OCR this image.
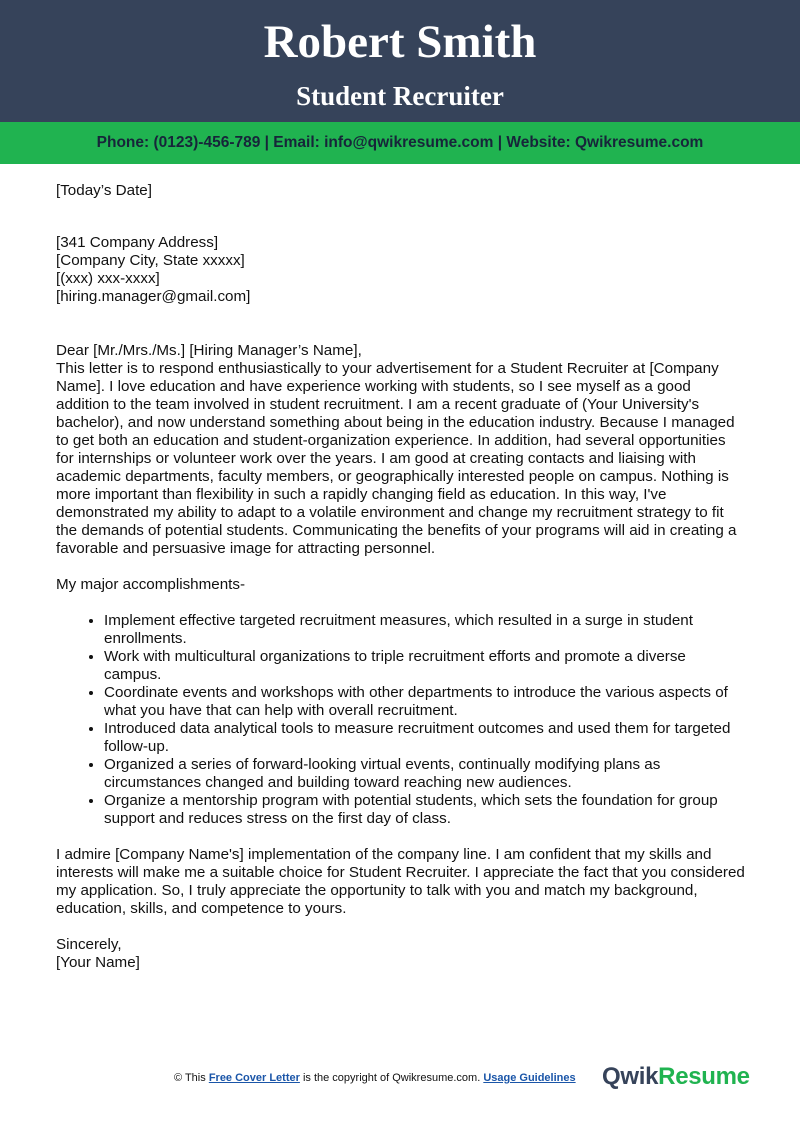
Robert Smith
Student Recruiter
Phone: (0123)-456-789 | Email: info@qwikresume.com | Website: Qwikresume.com

[Today’s Date]

[341 Company Address]

[Company City, State xxxxx]

[(xxx) xxx-xxxx]

[hiring.manager@gmail.com]

Dear [Mr./Mrs./Ms.] [Hiring Manager’s Name],

This letter is to respond enthusiastically to your advertisement for a Student Recruiter at [Company Name]. I love education and have experience working with students, so I see myself as a good addition to the team involved in student recruitment. I am a recent graduate of (Your University's bachelor), and now understand something about being in the education industry. Because I managed to get both an education and student-organization experience. In addition, had several opportunities for internships or volunteer work over the years. I am good at creating contacts and liaising with academic departments, faculty members, or geographically interested people on campus. Nothing is more important than flexibility in such a rapidly changing field as education. In this way, I've demonstrated my ability to adapt to a volatile environment and change my recruitment strategy to fit the demands of potential students. Communicating the benefits of your programs will aid in creating a favorable and persuasive image for attracting personnel.

My major accomplishments-

• Implement effective targeted recruitment measures, which resulted in a surge in student enrollments.
• Work with multicultural organizations to triple recruitment efforts and promote a diverse campus.
• Coordinate events and workshops with other departments to introduce the various aspects of what you have that can help with overall recruitment.
• Introduced data analytical tools to measure recruitment outcomes and used them for targeted follow-up.
• Organized a series of forward-looking virtual events, continually modifying plans as circumstances changed and building toward reaching new audiences.
• Organize a mentorship program with potential students, which sets the foundation for group support and reduces stress on the first day of class.

I admire [Company Name's] implementation of the company line. I am confident that my skills and interests will make me a suitable choice for Student Recruiter. I appreciate the fact that you considered my application. So, I truly appreciate the opportunity to talk with you and match my background, education, skills, and competence to yours.

Sincerely,

[Your Name]

© This Free Cover Letter is the copyright of Qwikresume.com. Usage Guidelines QwikResume
